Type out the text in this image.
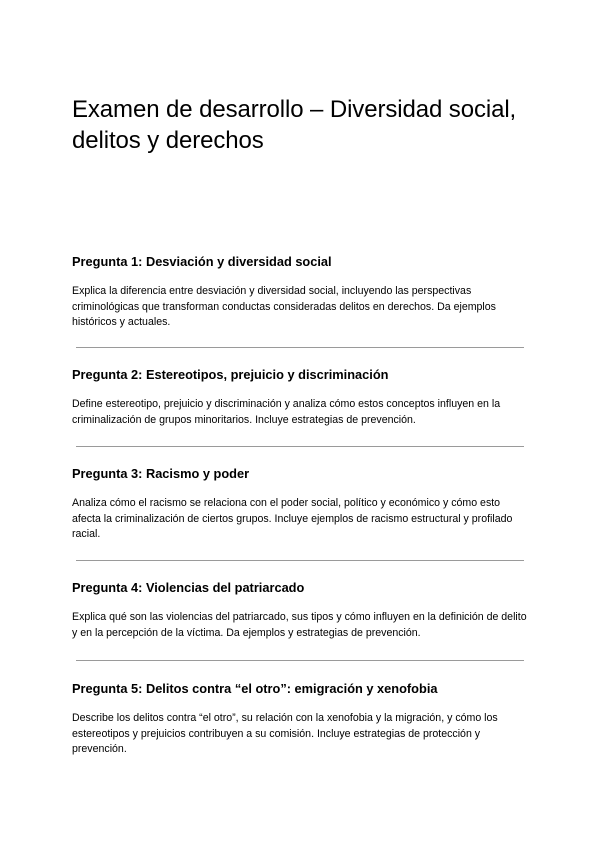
Examen de desarrollo – Diversidad social, delitos y derechos
Pregunta 1: Desviación y diversidad social

Explica la diferencia entre desviación y diversidad social, incluyendo las perspectivas criminológicas que transforman conductas consideradas delitos en derechos. Da ejemplos históricos y actuales.

Pregunta 2: Estereotipos, prejuicio y discriminación

Define estereotipo, prejuicio y discriminación y analiza cómo estos conceptos influyen en la criminalización de grupos minoritarios. Incluye estrategias de prevención.

Pregunta 3: Racismo y poder

Analiza cómo el racismo se relaciona con el poder social, político y económico y cómo esto afecta la criminalización de ciertos grupos. Incluye ejemplos de racismo estructural y profilado racial.

Pregunta 4: Violencias del patriarcado

Explica qué son las violencias del patriarcado, sus tipos y cómo influyen en la definición de delito y en la percepción de la víctima. Da ejemplos y estrategias de prevención.

Pregunta 5: Delitos contra “el otro”: emigración y xenofobia

Describe los delitos contra “el otro”, su relación con la xenofobia y la migración, y cómo los estereotipos y prejuicios contribuyen a su comisión. Incluye estrategias de protección y prevención.
